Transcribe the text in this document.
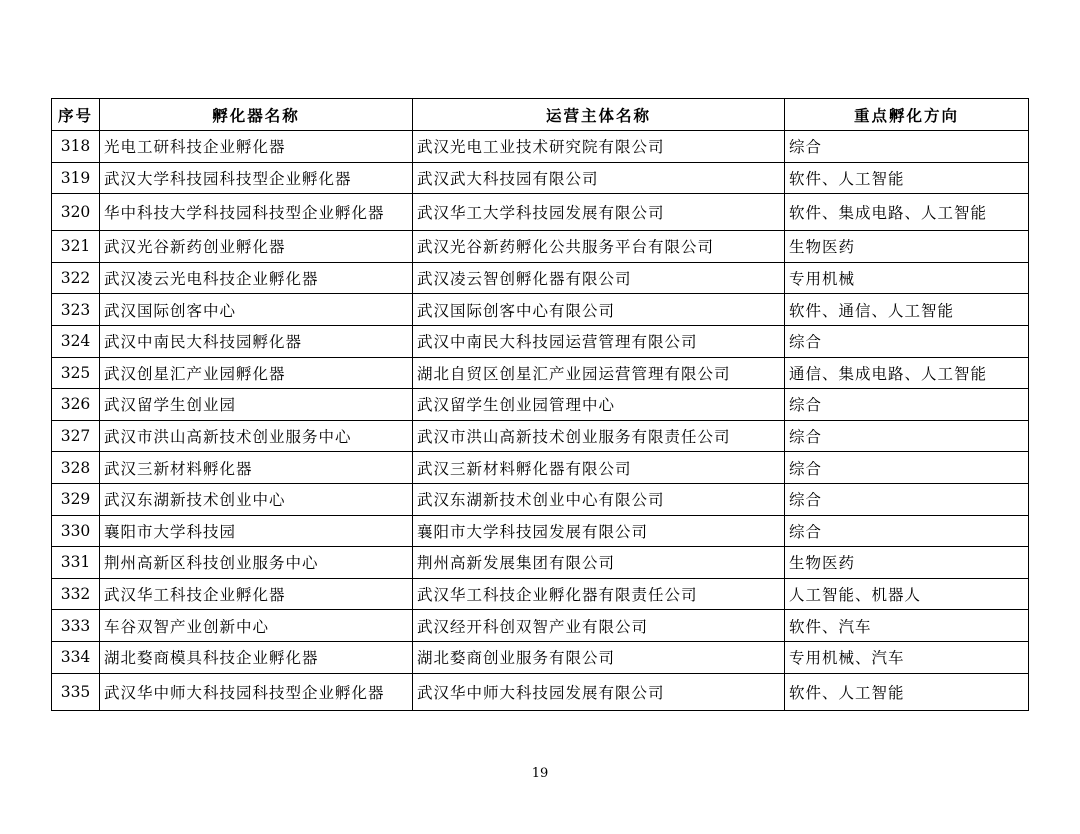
序号	孵化器名称	运营主体名称	重点孵化方向
318	光电工研科技企业孵化器	武汉光电工业技术研究院有限公司	综合
319	武汉大学科技园科技型企业孵化器	武汉武大科技园有限公司	软件、人工智能
320	华中科技大学科技园科技型企业孵化器	武汉华工大学科技园发展有限公司	软件、集成电路、人工智能
321	武汉光谷新药创业孵化器	武汉光谷新药孵化公共服务平台有限公司	生物医药
322	武汉凌云光电科技企业孵化器	武汉凌云智创孵化器有限公司	专用机械
323	武汉国际创客中心	武汉国际创客中心有限公司	软件、通信、人工智能
324	武汉中南民大科技园孵化器	武汉中南民大科技园运营管理有限公司	综合
325	武汉创星汇产业园孵化器	湖北自贸区创星汇产业园运营管理有限公司	通信、集成电路、人工智能
326	武汉留学生创业园	武汉留学生创业园管理中心	综合
327	武汉市洪山高新技术创业服务中心	武汉市洪山高新技术创业服务有限责任公司	综合
328	武汉三新材料孵化器	武汉三新材料孵化器有限公司	综合
329	武汉东湖新技术创业中心	武汉东湖新技术创业中心有限公司	综合
330	襄阳市大学科技园	襄阳市大学科技园发展有限公司	综合
331	荆州高新区科技创业服务中心	荆州高新发展集团有限公司	生物医药
332	武汉华工科技企业孵化器	武汉华工科技企业孵化器有限责任公司	人工智能、机器人
333	车谷双智产业创新中心	武汉经开科创双智产业有限公司	软件、汽车
334	湖北婺商模具科技企业孵化器	湖北婺商创业服务有限公司	专用机械、汽车
335	武汉华中师大科技园科技型企业孵化器	武汉华中师大科技园发展有限公司	软件、人工智能
19
